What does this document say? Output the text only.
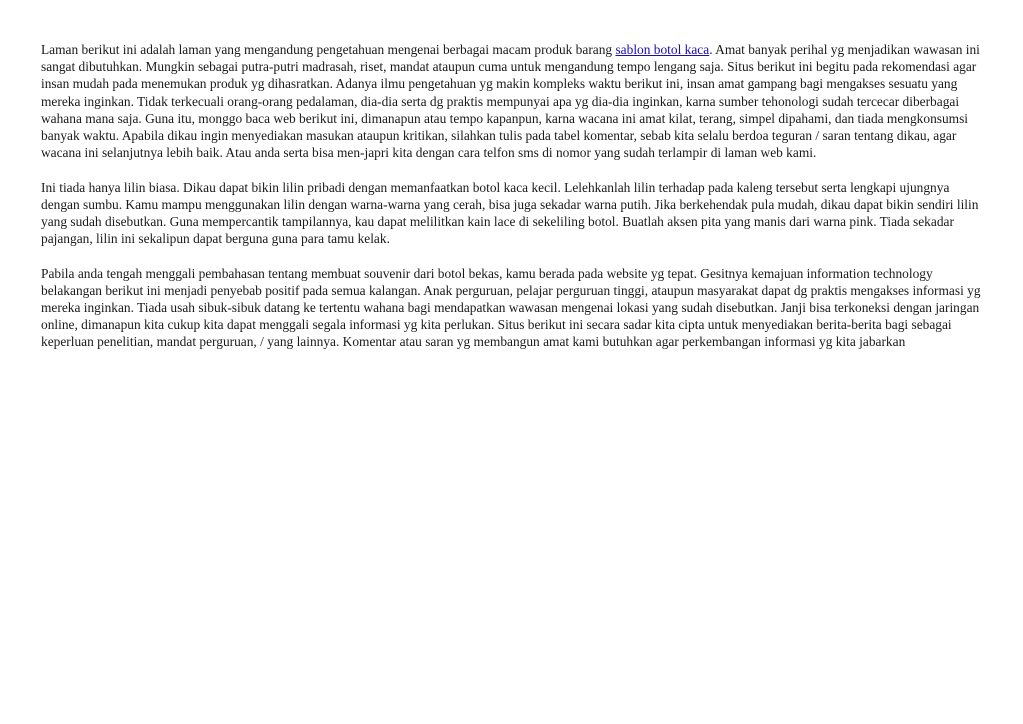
Laman berikut ini adalah laman yang mengandung pengetahuan mengenai berbagai macam produk barang sablon botol kaca. Amat banyak perihal yg menjadikan wawasan ini sangat dibutuhkan. Mungkin sebagai putra-putri madrasah, riset, mandat ataupun cuma untuk mengandung tempo lengang saja. Situs berikut ini begitu pada rekomendasi agar insan mudah pada menemukan produk yg dihasratkan. Adanya ilmu pengetahuan yg makin kompleks waktu berikut ini, insan amat gampang bagi mengakses sesuatu yang mereka inginkan. Tidak terkecuali orang-orang pedalaman, dia-dia serta dg praktis mempunyai apa yg dia-dia inginkan, karna sumber tehonologi sudah tercecar diberbagai wahana mana saja. Guna itu, monggo baca web berikut ini, dimanapun atau tempo kapanpun, karna wacana ini amat kilat, terang, simpel dipahami, dan tiada mengkonsumsi banyak waktu. Apabila dikau ingin menyediakan masukan ataupun kritikan, silahkan tulis pada tabel komentar, sebab kita selalu berdoa teguran / saran tentang dikau, agar wacana ini selanjutnya lebih baik. Atau anda serta bisa men-japri kita dengan cara telfon sms di nomor yang sudah terlampir di laman web kami.

Ini tiada hanya lilin biasa. Dikau dapat bikin lilin pribadi dengan memanfaatkan botol kaca kecil. Lelehkanlah lilin terhadap pada kaleng tersebut serta lengkapi ujungnya dengan sumbu. Kamu mampu menggunakan lilin dengan warna-warna yang cerah, bisa juga sekadar warna putih. Jika berkehendak pula mudah, dikau dapat bikin sendiri lilin yang sudah disebutkan. Guna mempercantik tampilannya, kau dapat melilitkan kain lace di sekeliling botol. Buatlah aksen pita yang manis dari warna pink. Tiada sekadar pajangan, lilin ini sekalipun dapat berguna guna para tamu kelak.

Pabila anda tengah menggali pembahasan tentang membuat souvenir dari botol bekas, kamu berada pada website yg tepat. Gesitnya kemajuan information technology belakangan berikut ini menjadi penyebab positif pada semua kalangan. Anak perguruan, pelajar perguruan tinggi, ataupun masyarakat dapat dg praktis mengakses informasi yg mereka inginkan. Tiada usah sibuk-sibuk datang ke tertentu wahana bagi mendapatkan wawasan mengenai lokasi yang sudah disebutkan. Janji bisa terkoneksi dengan jaringan online, dimanapun kita cukup kita dapat menggali segala informasi yg kita perlukan. Situs berikut ini secara sadar kita cipta untuk menyediakan berita-berita bagi sebagai keperluan penelitian, mandat perguruan, / yang lainnya. Komentar atau saran yg membangun amat kami butuhkan agar perkembangan informasi yg kita jabarkan
